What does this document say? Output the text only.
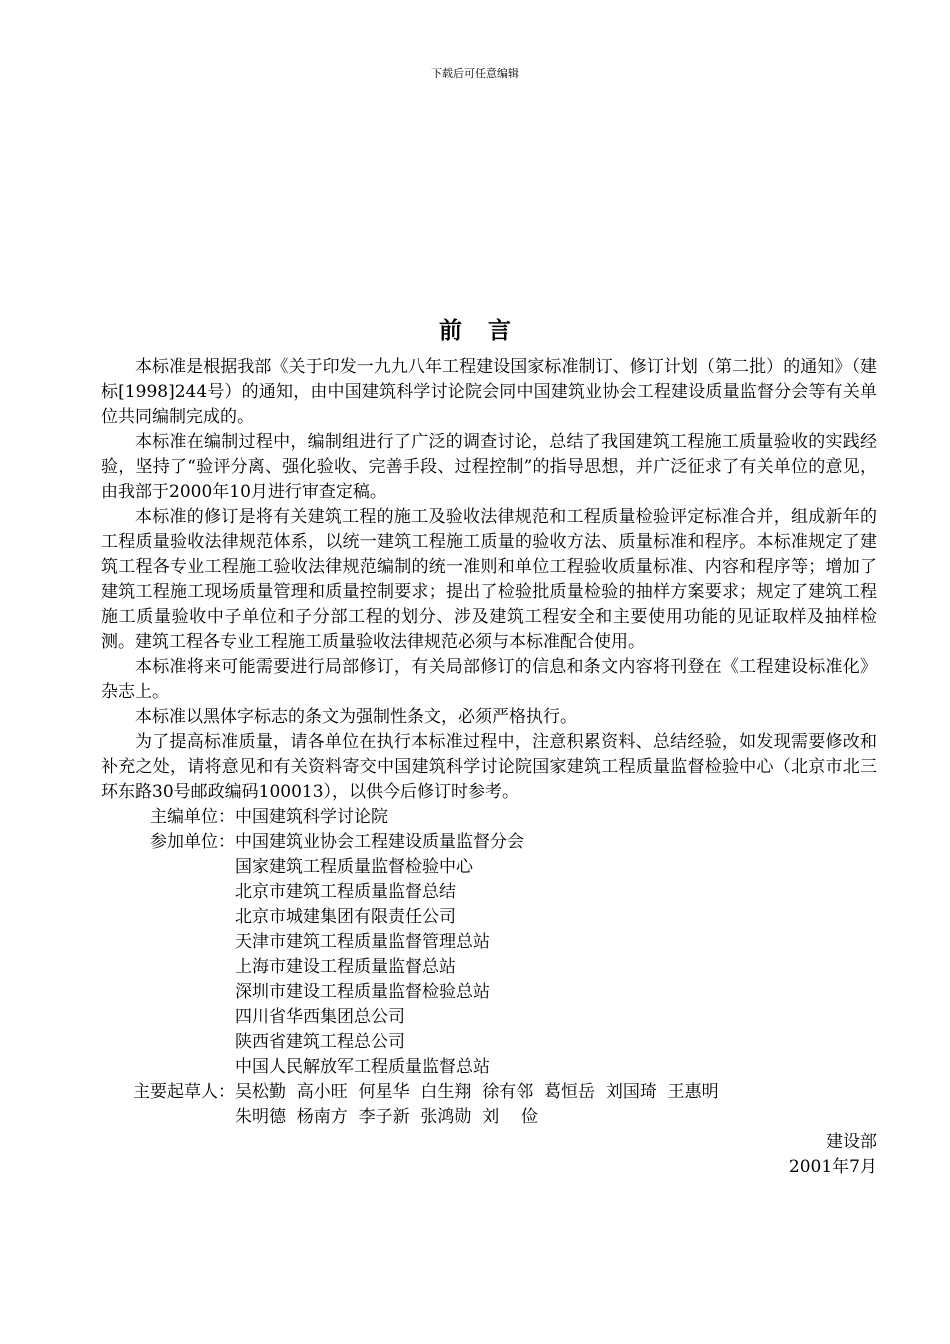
下载后可任意编辑
前言

本标准是根据我部《关于印发一九九八年工程建设国家标准制订、修订计划（第二批）的通知》（建标[1998]244号）的通知，由中国建筑科学讨论院会同中国建筑业协会工程建设质量监督分会等有关单位共同编制完成的。

本标准在编制过程中，编制组进行了广泛的调查讨论，总结了我国建筑工程施工质量验收的实践经验，坚持了“验评分离、强化验收、完善手段、过程控制”的指导思想，并广泛征求了有关单位的意见，由我部于2000年10月进行审查定稿。

本标准的修订是将有关建筑工程的施工及验收法律规范和工程质量检验评定标准合并，组成新年的工程质量验收法律规范体系，以统一建筑工程施工质量的验收方法、质量标准和程序。本标准规定了建筑工程各专业工程施工验收法律规范编制的统一准则和单位工程验收质量标准、内容和程序等；增加了建筑工程施工现场质量管理和质量控制要求；提出了检验批质量检验的抽样方案要求；规定了建筑工程施工质量验收中子单位和子分部工程的划分、涉及建筑工程安全和主要使用功能的见证取样及抽样检测。建筑工程各专业工程施工质量验收法律规范必须与本标准配合使用。

本标准将来可能需要进行局部修订，有关局部修订的信息和条文内容将刊登在《工程建设标准化》杂志上。

本标准以黑体字标志的条文为强制性条文，必须严格执行。

为了提高标准质量，请各单位在执行本标准过程中，注意积累资料、总结经验，如发现需要修改和补充之处，请将意见和有关资料寄交中国建筑科学讨论院国家建筑工程质量监督检验中心（北京市北三环东路30号邮政编码100013），以供今后修订时参考。

主编单位： 中国建筑科学讨论院
参加单位： 中国建筑业协会工程建设质量监督分会
国家建筑工程质量监督检验中心
北京市建筑工程质量监督总结
北京市城建集团有限责任公司
天津市建筑工程质量监督管理总站
上海市建设工程质量监督总站
深圳市建设工程质量监督检验总站
四川省华西集团总公司
陕西省建筑工程总公司
中国人民解放军工程质量监督总站
主要起草人： 吴松勤  高小旺  何星华  白生翔  徐有邻  葛恒岳  刘国琦  王惠明
朱明德  杨南方  李子新  张鸿勋  刘    俭

建设部

2001年7月
